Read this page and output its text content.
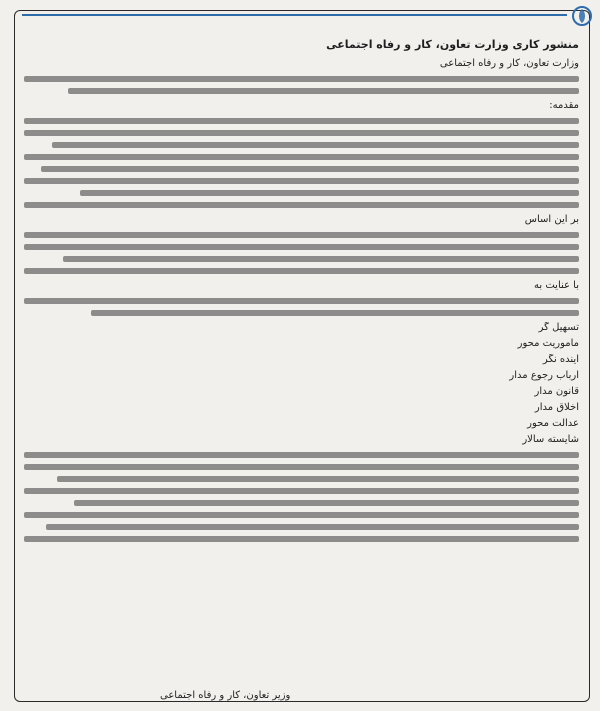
منشور کاری وزارت تعاون، کار و رفاه اجتماعی
وزارت تعاون، کار و رفاه اجتماعی
مقدمه:
بر این اساس
با عنایت به
تسهیل گر
مأموریت محور
آینده نگر
ارباب رجوع مدار
قانون مدار
اخلاق مدار
عدالت محور
شایسته سالار
وزیر تعاون، کار و رفاه اجتماعی
